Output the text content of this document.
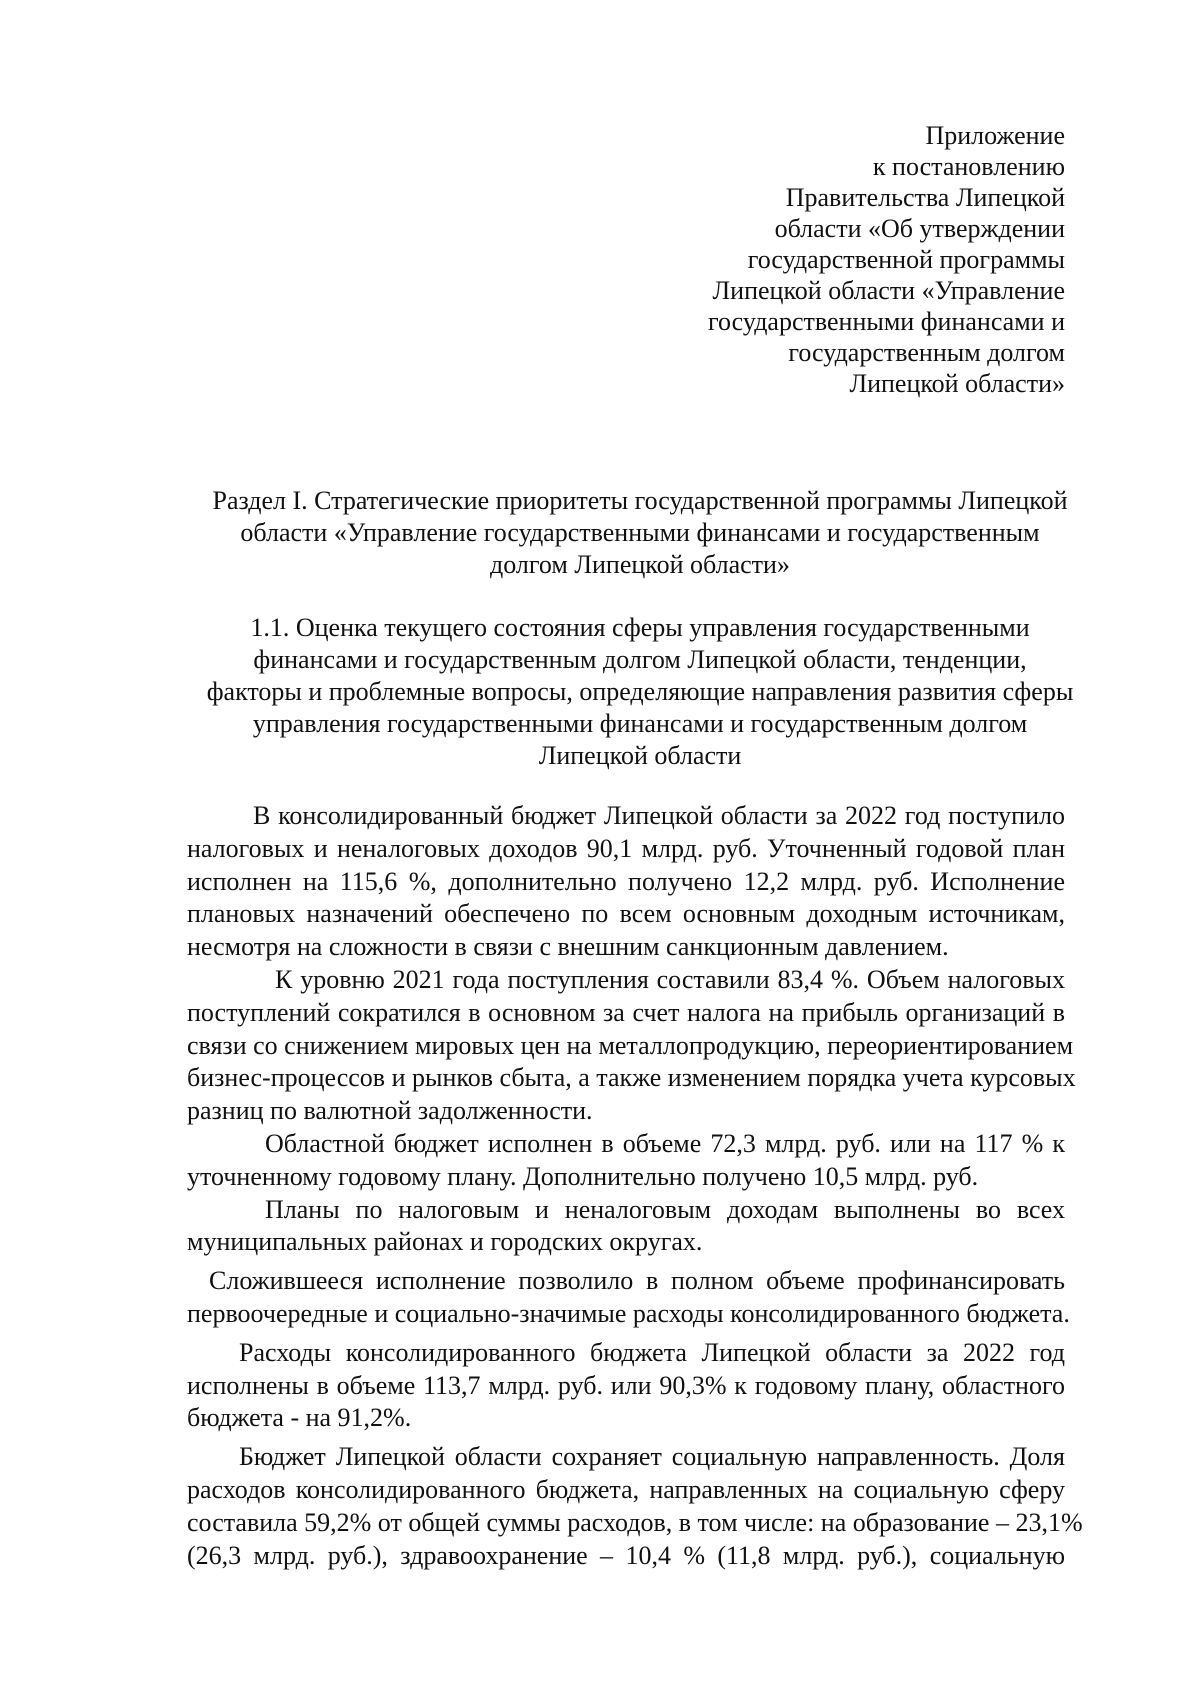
Приложение
к постановлению
Правительства Липецкой
области «Об утверждении
государственной программы
Липецкой области «Управление
государственными финансами и
государственным долгом
Липецкой области»
Раздел I. Стратегические приоритеты государственной программы Липецкой
области «Управление государственными финансами и государственным
долгом Липецкой области»
1.1. Оценка текущего состояния сферы управления государственными
финансами и государственным долгом Липецкой области, тенденции,
факторы и проблемные вопросы, определяющие направления развития сферы
управления государственными финансами и государственным долгом
Липецкой области
В консолидированный бюджет Липецкой области за 2022 год поступило
налоговых и неналоговых доходов 90,1 млрд. руб. Уточненный годовой план
исполнен на 115,6 %, дополнительно получено 12,2 млрд. руб. Исполнение
плановых назначений обеспечено по всем основным доходным источникам,
несмотря на сложности в связи с внешним санкционным давлением.
К уровню 2021 года поступления составили 83,4 %. Объем налоговых
поступлений сократился в основном за счет налога на прибыль организаций в
связи со снижением мировых цен на металлопродукцию, переориентированием
бизнес-процессов и рынков сбыта, а также изменением порядка учета курсовых
разниц по валютной задолженности.
Областной бюджет исполнен в объеме 72,3 млрд. руб. или на 117 % к
уточненному годовому плану. Дополнительно получено 10,5 млрд. руб.
Планы по налоговым и неналоговым доходам выполнены во всех
муниципальных районах и городских округах.
Сложившееся исполнение позволило в полном объеме профинансировать
первоочередные и социально-значимые расходы консолидированного бюджета.
Расходы консолидированного бюджета Липецкой области за 2022 год
исполнены в объеме 113,7 млрд. руб. или 90,3% к годовому плану, областного
бюджета - на 91,2%.
Бюджет Липецкой области сохраняет социальную направленность. Доля
расходов консолидированного бюджета, направленных на социальную сферу
составила 59,2% от общей суммы расходов, в том числе: на образование – 23,1%
(26,3 млрд. руб.), здравоохранение – 10,4 % (11,8 млрд. руб.), социальную
